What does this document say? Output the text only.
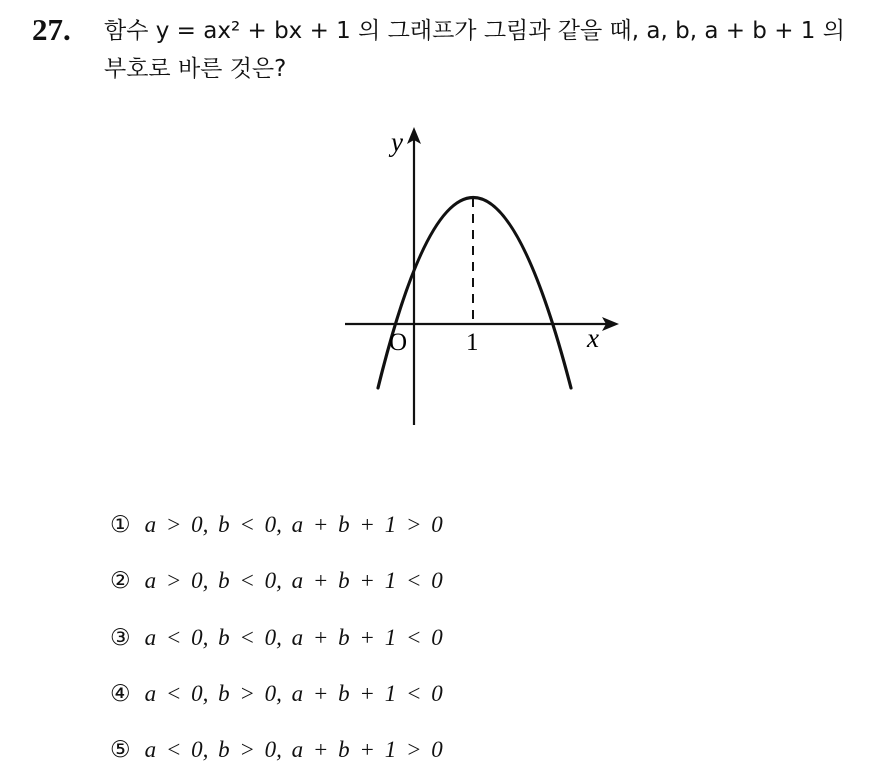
27. 함수 y = ax² + bx + 1 의 그래프가 그림과 같을 때, a, b, a + b + 1 의
부호로 바른 것은?
y
x
O 1
① a > 0, b < 0, a + b + 1 > 0
② a > 0, b < 0, a + b + 1 < 0
③ a < 0, b < 0, a + b + 1 < 0
④ a < 0, b > 0, a + b + 1 < 0
⑤ a < 0, b > 0, a + b + 1 > 0
